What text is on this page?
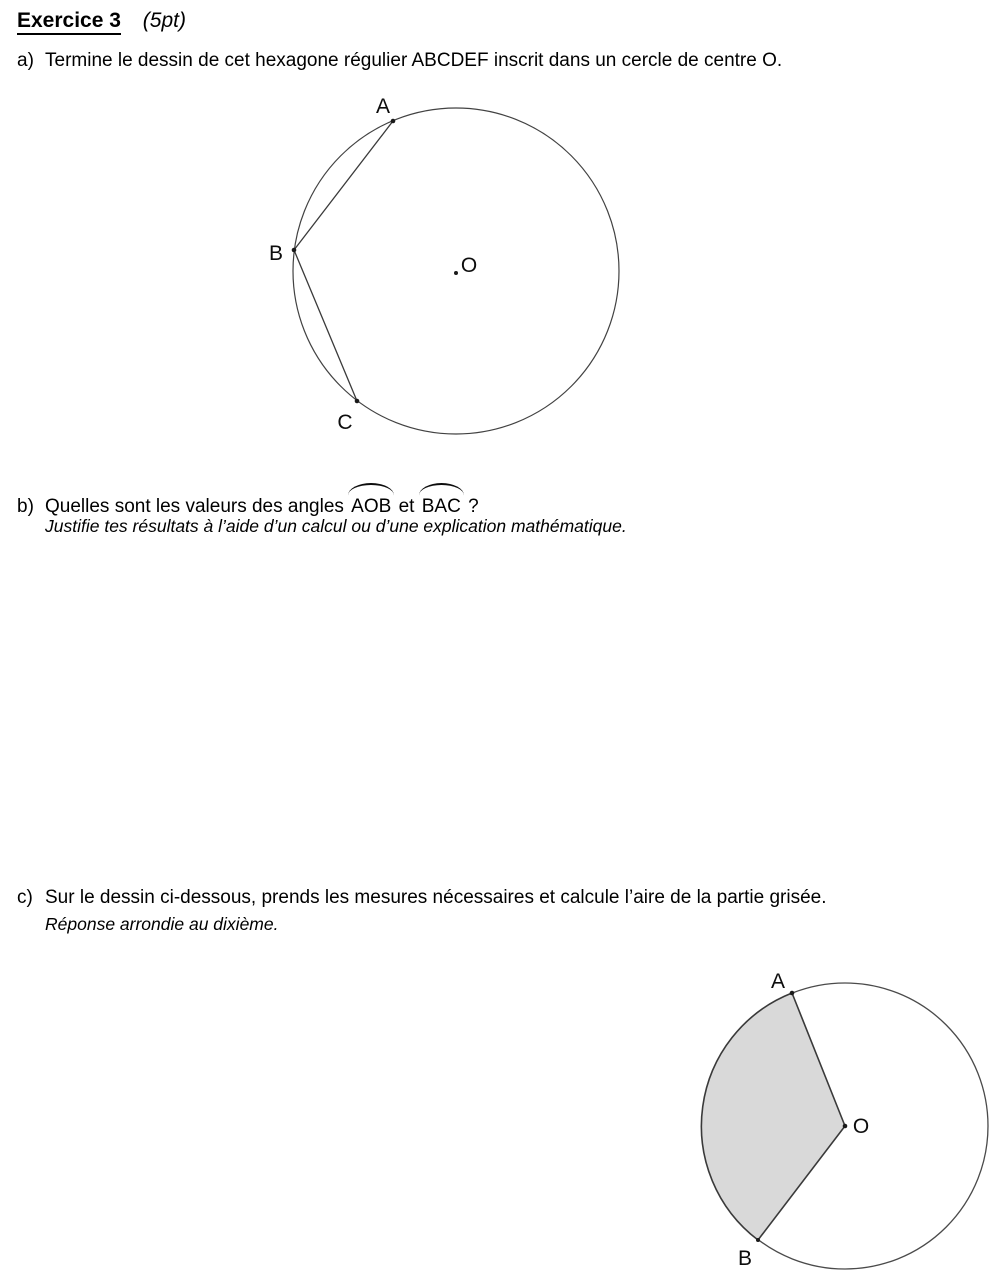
Exercice 3 (5pt)
a) Termine le dessin de cet hexagone régulier ABCDEF inscrit dans un cercle de centre O.
A
B
C
O
b) Quelles sont les valeurs des angles AOB et BAC ?
Justifie tes résultats à l’aide d’un calcul ou d’une explication mathématique.
c) Sur le dessin ci-dessous, prends les mesures nécessaires et calcule l’aire de la partie grisée.
Réponse arrondie au dixième.
A
B
O
